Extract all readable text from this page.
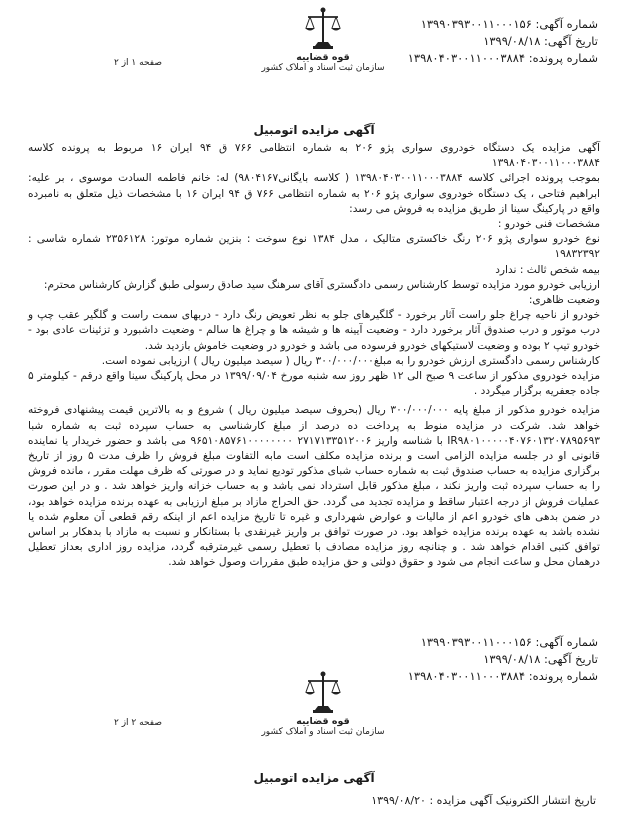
شماره آگهی: ۱۳۹۹۰۳۹۳۰۰۱۱۰۰۰۱۵۶
تاریخ آگهی: ۱۳۹۹/۰۸/۱۸
شماره پرونده: ۱۳۹۸۰۴۰۳۰۰۱۱۰۰۰۳۸۸۴
قوه قضاییه
سازمان ثبت اسناد و املاک کشور
صفحه ۱ از ۲
آگهی مزایده اتومبیل

آگهی مزایده یک دستگاه خودروی سواری پژو ۲۰۶ به شماره انتظامی ۷۶۶ ق ۹۴ ایران ۱۶ مربوط به پرونده کلاسه ۱۳۹۸۰۴۰۳۰۰۱۱۰۰۰۳۸۸۴

بموجب پرونده اجرائی کلاسه ۱۳۹۸۰۴۰۳۰۰۱۱۰۰۰۳۸۸۴ ( کلاسه بایگانی۹۸۰۴۱۶۷) له: خانم فاطمه السادت موسوی ، بر علیه: ابراهیم فتاحی ، یک دستگاه خودروی سواری پژو ۲۰۶ به شماره انتظامی ۷۶۶ ق ۹۴ ایران ۱۶ با مشخصات ذیل متعلق به نامبرده واقع در پارکینگ سینا از طریق مزایده به فروش می رسد:

مشخصات فنی خودرو :

نوع خودرو سواری پژو ۲۰۶ رنگ خاکستری متالیک ، مدل ۱۳۸۴ نوع سوخت : بنزین شماره موتور: ۲۳۵۶۱۲۸ شماره شاسی : ۱۹۸۳۲۳۹۲

بیمه شخص ثالث : ندارد

ارزیابی خودرو مورد مزایده توسط کارشناس رسمی دادگستری آقای سرهنگ سید صادق رسولی طبق گزارش کارشناس محترم:

وضعیت ظاهری:

خودرو از ناحیه چراغ جلو راست آثار برخورد - گلگیرهای جلو به نظر تعویض رنگ دارد - دربهای سمت راست و گلگیر عقب چپ و درب موتور و درب صندوق آثار برخورد دارد - وضعیت آیینه ها و شیشه ها و چراغ ها سالم - وضعیت داشبورد و تزئینات عادی بود - خودرو تیپ ۲ بوده و وضعیت لاستیکهای خودرو فرسوده می باشد و خودرو در وضعیت خاموش بازدید شد.

کارشناس رسمی دادگستری ارزش خودرو را به مبلغ۳۰۰/۰۰۰/۰۰۰ ریال ( سیصد میلیون ریال ) ارزیابی نموده است.

مزایده خودروی مذکور از ساعت ۹ صبح الی ۱۲ ظهر روز سه شنبه مورخ ۱۳۹۹/۰۹/۰۴ در محل پارکینگ سینا واقع درقم - کیلومتر ۵ جاده جعفریه برگزار میگردد .

مزایده خودرو مذکور از مبلغ پایه ۳۰۰/۰۰۰/۰۰۰ ریال (بحروف سیصد میلیون ریال ) شروع و به بالاترین قیمت پیشنهادی فروخته خواهد شد. شرکت در مزایده منوط به پرداخت ده درصد از مبلغ کارشناسی به حساب سپرده ثبت به شماره شبا IR۹۸۰۱۰۰۰۰۰۴۰۷۶۰۱۳۲۰۷۸۹۵۶۹۳ با شناسه واریز ۲۷۱۷۱۳۳۵۱۲۰۰۶ ۹۶۵۱۰۸۵۷۶۱۰۰۰۰۰۰۰۰ می باشد و حضور خریدار یا نماینده قانونی او در جلسه مزایده الزامی است و برنده مزایده مکلف است مابه التفاوت مبلغ فروش را ظرف مدت ۵ روز از تاریخ برگزاری مزایده به حساب صندوق ثبت به شماره حساب شبای مذکور تودیع نماید و در صورتی که ظرف مهلت مقرر ، مانده فروش را به حساب سپرده ثبت واریز نکند ، مبلغ مذکور قابل استرداد نمی باشد و به حساب خزانه واریز خواهد شد . و در این صورت عملیات فروش از درجه اعتبار ساقط و مزایده تجدید می گردد. حق الحراج مازاد بر مبلغ ارزیابی به عهده برنده مزایده خواهد بود، در ضمن بدهی های خودرو اعم از مالیات و عوارض شهرداری و غیره تا تاریخ مزایده اعم از اینکه رقم قطعی آن معلوم شده یا نشده باشد به عهده برنده مزایده خواهد بود. در صورت توافق بر واریز غیرنقدی با بستانکار و نسبت به مازاد با بدهکار بر اساس توافق کتبی اقدام خواهد شد . و چنانچه روز مزایده مصادف با تعطیل رسمی غیرمترقبه گردد، مزایده روز اداری بعداز تعطیل درهمان محل و ساعت انجام می شود و حقوق دولتی و حق مزایده طبق مقررات وصول خواهد شد.

شماره آگهی: ۱۳۹۹۰۳۹۳۰۰۱۱۰۰۰۱۵۶
تاریخ آگهی: ۱۳۹۹/۰۸/۱۸
شماره پرونده: ۱۳۹۸۰۴۰۳۰۰۱۱۰۰۰۳۸۸۴
قوه قضاییه
سازمان ثبت اسناد و املاک کشور
صفحه ۲ از ۲
آگهی مزایده اتومبیل
تاریخ انتشار الکترونیک آگهی مزایده : ۱۳۹۹/۰۸/۲۰
